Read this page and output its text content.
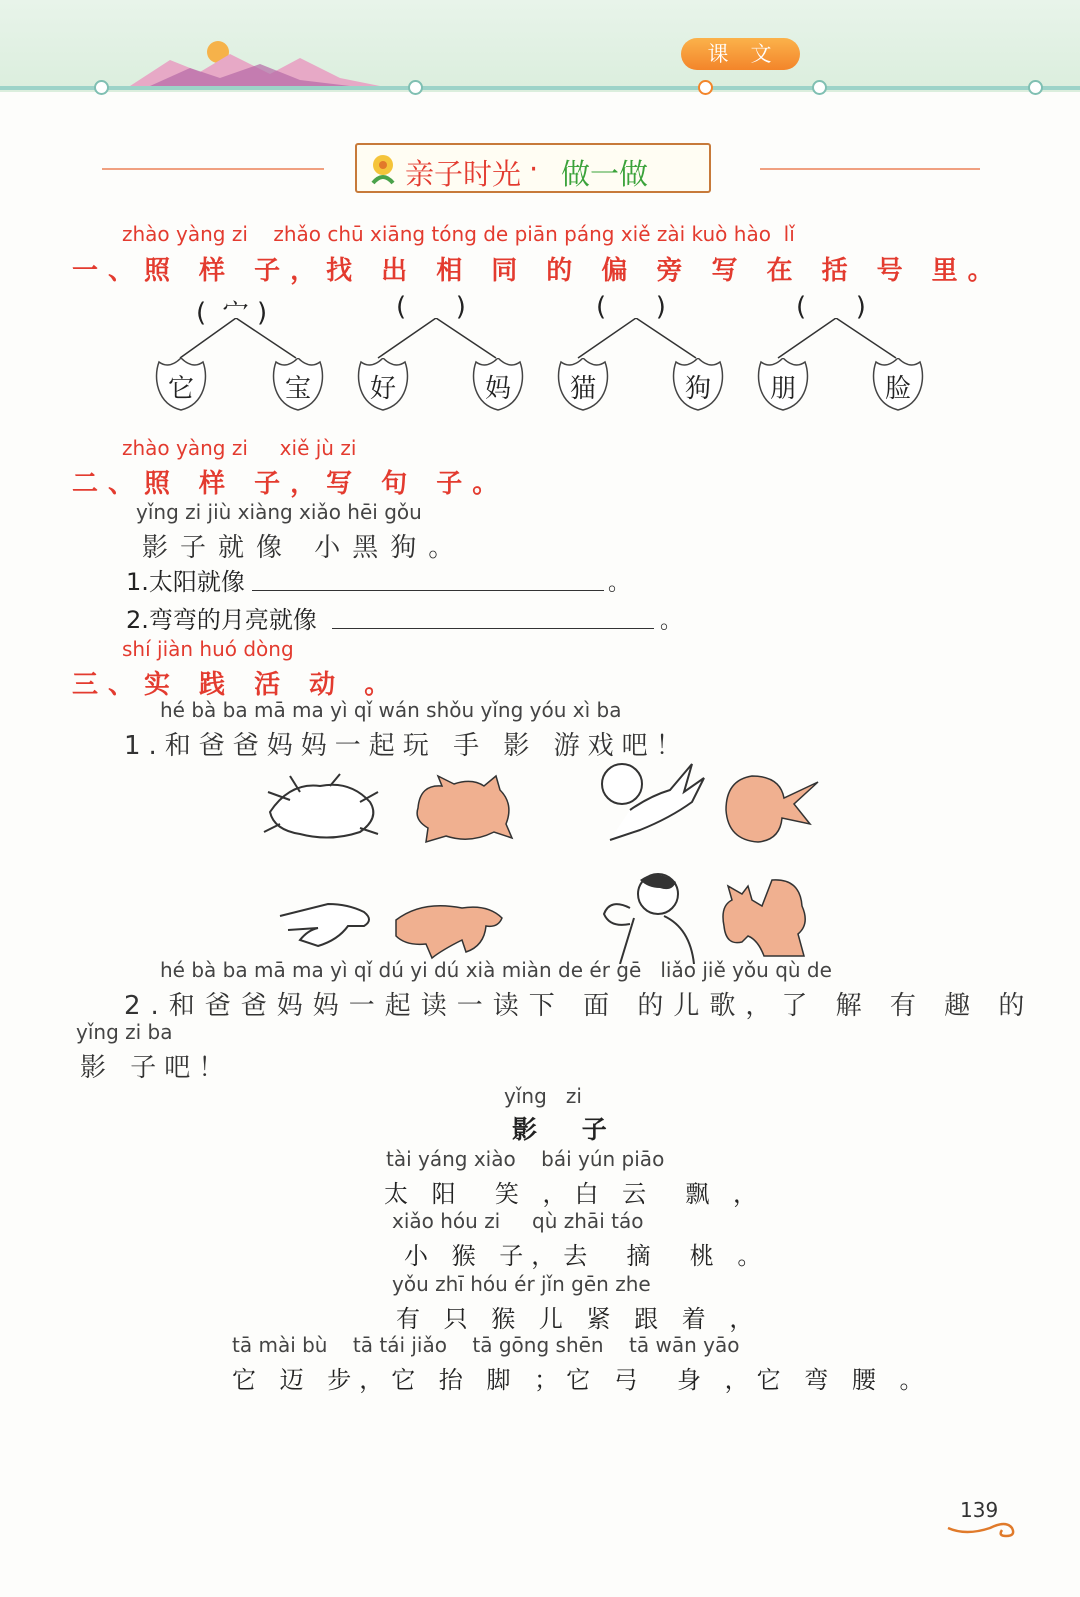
课文
亲子时光 · 做一做
zhào yàng zi    zhǎo chū xiāng tóng de piān páng xiě zài kuò hào  lǐ
一、照 样 子，找 出 相 同 的 偏 旁 写 在 括 号 里。
(  宀 )	(      )	(      )	(      )
它	宝	好	妈	猫	狗	朋	脸
zhào yàng zi     xiě jù zi
二、照 样 子，写 句 子。
yǐng zi jiù xiàng xiǎo hēi gǒu
影子就像 小黑狗。
1.太阳就像	。
2.弯弯的月亮就像	。
shí jiàn huó dòng
三、实 践 活 动 。
hé bà ba mā ma yì qǐ wán shǒu yǐng yóu xì ba
1.和爸爸妈妈一起玩 手 影 游戏吧！
hé bà ba mā ma yì qǐ dú yi dú xià miàn de ér gē   liǎo jiě yǒu qù de
2.和爸爸妈妈一起读一读下 面 的儿歌，了 解 有 趣 的
yǐng zi ba
影 子吧！
yǐng   zi
影 子
tài yáng xiào    bái yún piāo
太 阳  笑 ，白 云  飘 ，
xiǎo hóu zi     qù zhāi táo
小 猴 子，去  摘  桃 。
yǒu zhī hóu ér jǐn gēn zhe
有 只 猴 儿 紧 跟 着 ，
tā mài bù    tā tái jiǎo    tā gōng shēn    tā wān yāo
它 迈 步，它 抬 脚 ；它 弓  身 ，它 弯 腰 。
139
